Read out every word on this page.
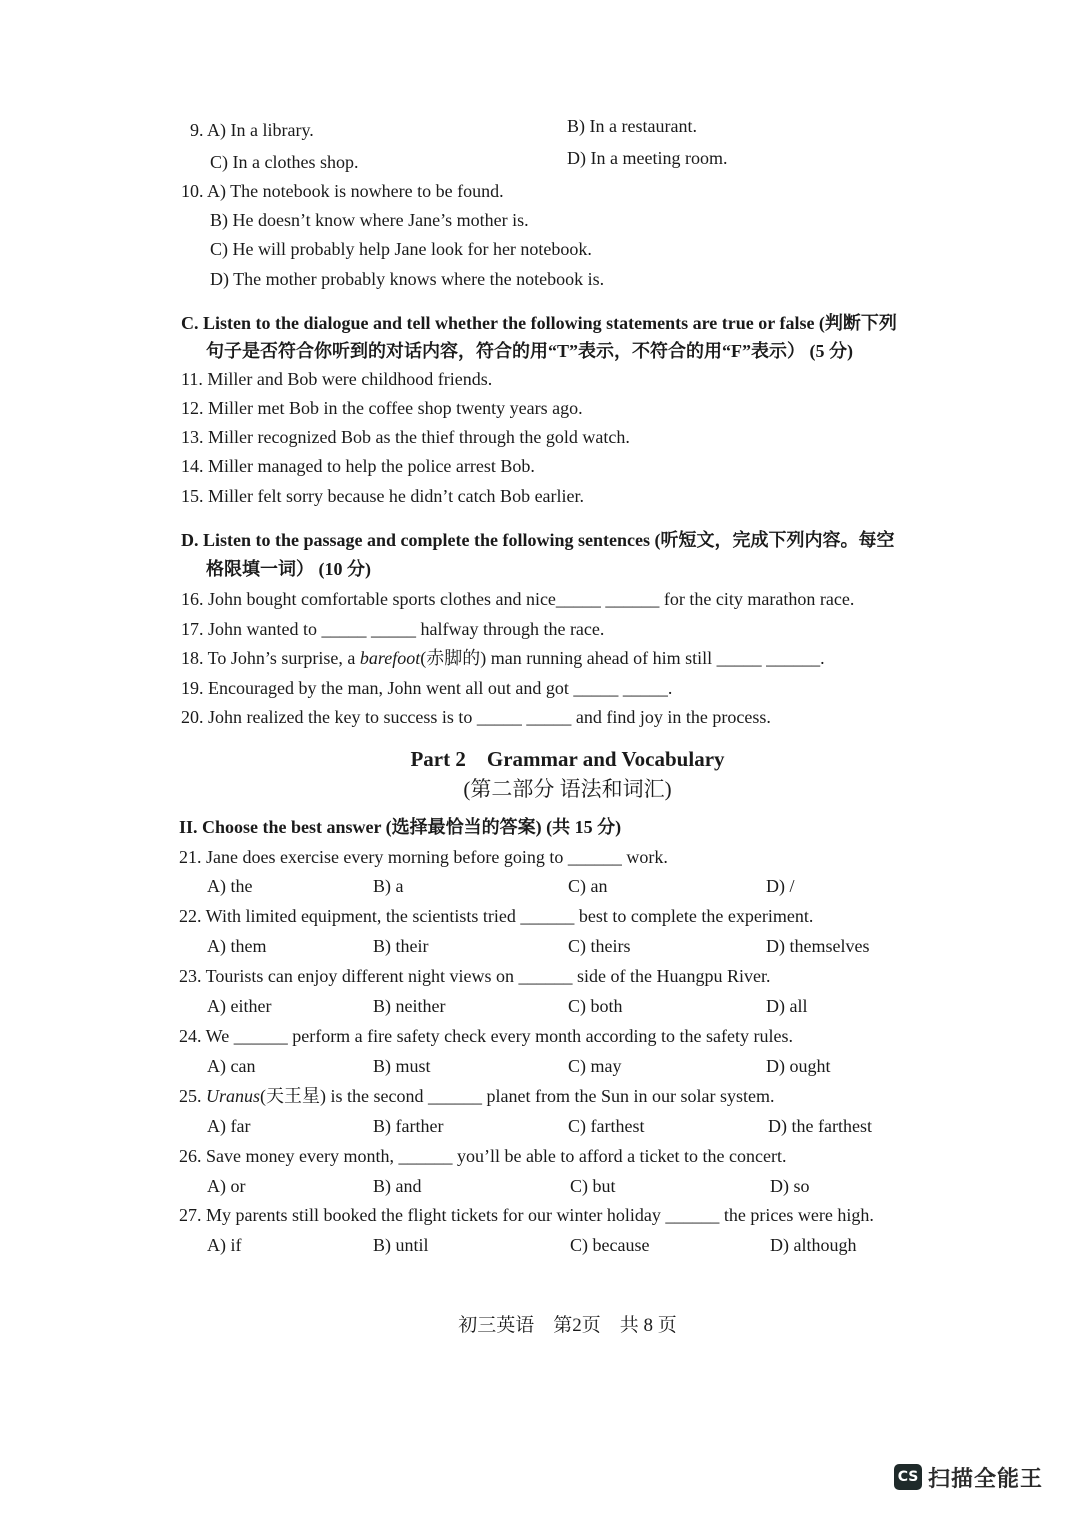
9. A) In a library.	B) In a restaurant.
C) In a clothes shop.	D) In a meeting room.
10. A) The notebook is nowhere to be found.
B) He doesn’t know where Jane’s mother is.
C) He will probably help Jane look for her notebook.
D) The mother probably knows where the notebook is.
C. Listen to the dialogue and tell whether the following statements are true or false (判断下列
句子是否符合你听到的对话内容，符合的用“T”表示，不符合的用“F”表示） (5 分)
11. Miller and Bob were childhood friends.
12. Miller met Bob in the coffee shop twenty years ago.
13. Miller recognized Bob as the thief through the gold watch.
14. Miller managed to help the police arrest Bob.
15. Miller felt sorry because he didn’t catch Bob earlier.
D. Listen to the passage and complete the following sentences (听短文，完成下列内容。每空
格限填一词） (10 分)
16. John bought comfortable sports clothes and nice_____ ______ for the city marathon race.
17. John wanted to _____ _____ halfway through the race.
18. To John’s surprise, a barefoot(赤脚的) man running ahead of him still _____ ______.
19. Encouraged by the man, John went all out and got _____ _____.
20. John realized the key to success is to _____ _____ and find joy in the process.
Part 2    Grammar and Vocabulary
(第二部分 语法和词汇)
II. Choose the best answer (选择最恰当的答案) (共 15 分)
21. Jane does exercise every morning before going to ______ work.
A) the	B) a	C) an	D) /
22. With limited equipment, the scientists tried ______ best to complete the experiment.
A) them	B) their	C) theirs	D) themselves
23. Tourists can enjoy different night views on ______ side of the Huangpu River.
A) either	B) neither	C) both	D) all
24. We ______ perform a fire safety check every month according to the safety rules.
A) can	B) must	C) may	D) ought
25. Uranus(天王星) is the second ______ planet from the Sun in our solar system.
A) far	B) farther	C) farthest	D) the farthest
26. Save money every month, ______ you’ll be able to afford a ticket to the concert.
A) or	B) and	C) but	D) so
27. My parents still booked the flight tickets for our winter holiday ______ the prices were high.
A) if	B) until	C) because	D) although
初三英语    第2页    共 8 页
CS 扫描全能王
